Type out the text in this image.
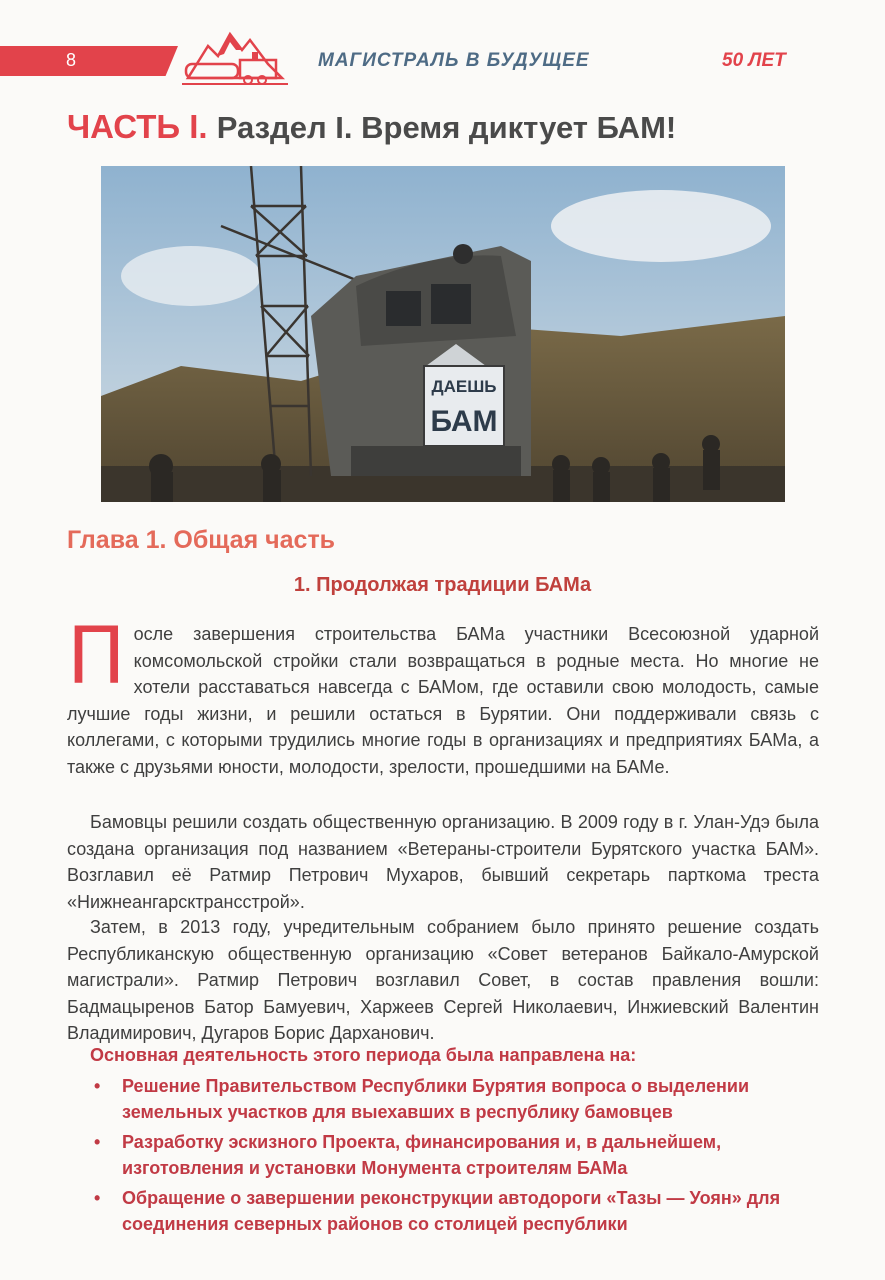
8	МАГИСТРАЛЬ В БУДУЩЕЕ	50 ЛЕТ
ЧАСТЬ I. Раздел I. Время диктует БАМ!
ДАЕШЬ
БАМ
Глава 1. Общая часть
1. Продолжая традиции БАМа
П осле завершения строительства БАМа участники Всесоюзной ударной комсомольской стройки стали возвращаться в родные места. Но многие не хотели расставаться навсегда с БАМом, где оставили свою молодость, самые лучшие годы жизни, и решили остаться в Бурятии. Они поддерживали связь с коллегами, с которыми трудились многие годы в организациях и предприятиях БАМа, а также с друзьями юности, молодости, зрелости, прошедшими на БАМе.
Бамовцы решили создать общественную организацию. В 2009 году в г. Улан-Удэ была создана организация под названием «Ветераны-строители Бурятского участка БАМ». Возглавил её Ратмир Петрович Мухаров, бывший секретарь парткома треста «Нижнеангарсктрансстрой».
Затем, в 2013 году, учредительным собранием было принято решение создать Республиканскую общественную организацию «Совет ветеранов Байкало-Амурской магистрали». Ратмир Петрович возглавил Совет, в состав правления вошли: Бадмацыренов Батор Бамуевич, Харжеев Сергей Николаевич, Инжиевский Валентин Владимирович, Дугаров Борис Дарханович.
Основная деятельность этого периода была направлена на:
• Решение Правительством Республики Бурятия вопроса о выделении земельных участков для выехавших в республику бамовцев
• Разработку эскизного Проекта, финансирования и, в дальнейшем, изготовления и установки Монумента строителям БАМа
• Обращение о завершении реконструкции автодороги «Тазы — Уоян» для соединения северных районов со столицей республики
